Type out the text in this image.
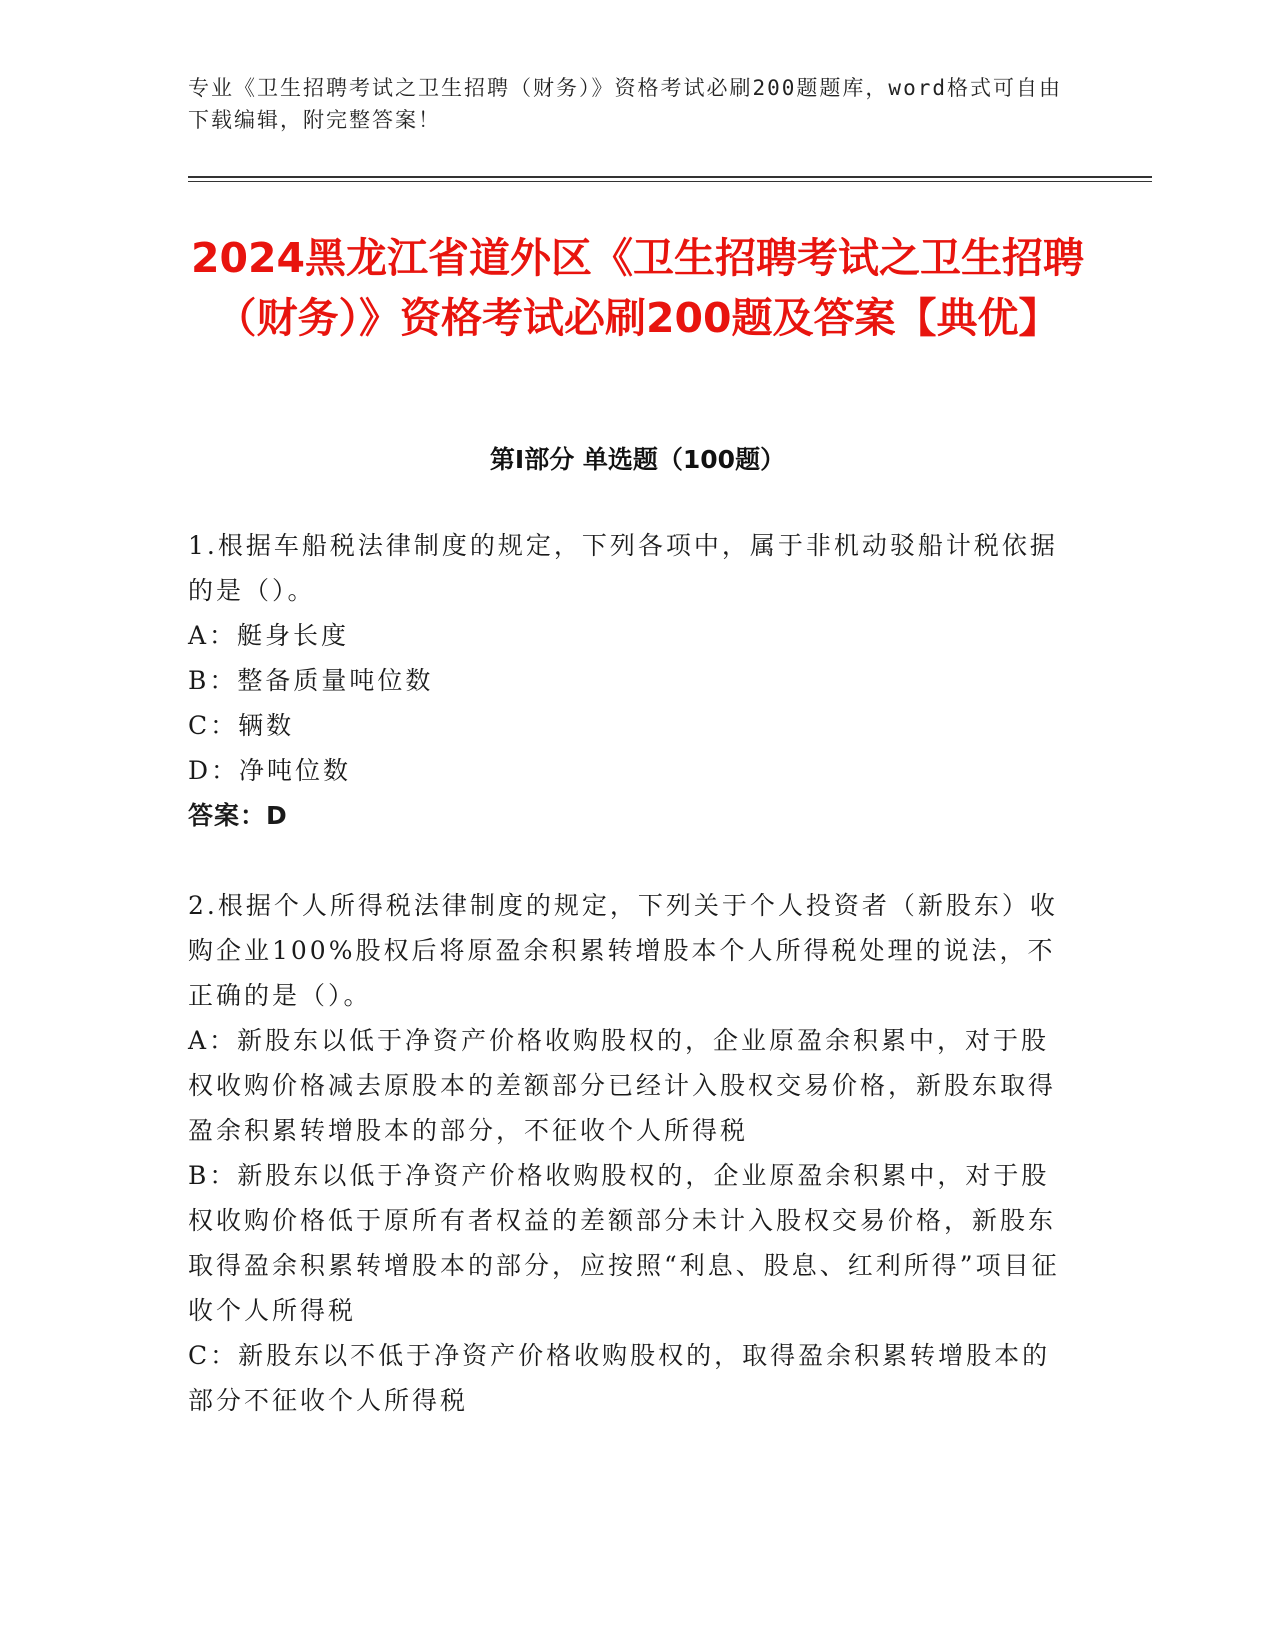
专业《卫生招聘考试之卫生招聘（财务）》资格考试必刷200题题库，word格式可自由下载编辑，附完整答案！
2024黑龙江省道外区《卫生招聘考试之卫生招聘（财务）》资格考试必刷200题及答案【典优】
第I部分 单选题（100题）

1.根据车船税法律制度的规定，下列各项中，属于非机动驳船计税依据的是（）。

A：艇身长度

B：整备质量吨位数

C：辆数

D：净吨位数

答案：D

2.根据个人所得税法律制度的规定，下列关于个人投资者（新股东）收购企业100%股权后将原盈余积累转增股本个人所得税处理的说法，不正确的是（）。

A：新股东以低于净资产价格收购股权的，企业原盈余积累中，对于股权收购价格减去原股本的差额部分已经计入股权交易价格，新股东取得盈余积累转增股本的部分，不征收个人所得税

B：新股东以低于净资产价格收购股权的，企业原盈余积累中，对于股权收购价格低于原所有者权益的差额部分未计入股权交易价格，新股东取得盈余积累转增股本的部分，应按照“利息、股息、红利所得”项目征收个人所得税

C：新股东以不低于净资产价格收购股权的，取得盈余积累转增股本的部分不征收个人所得税
